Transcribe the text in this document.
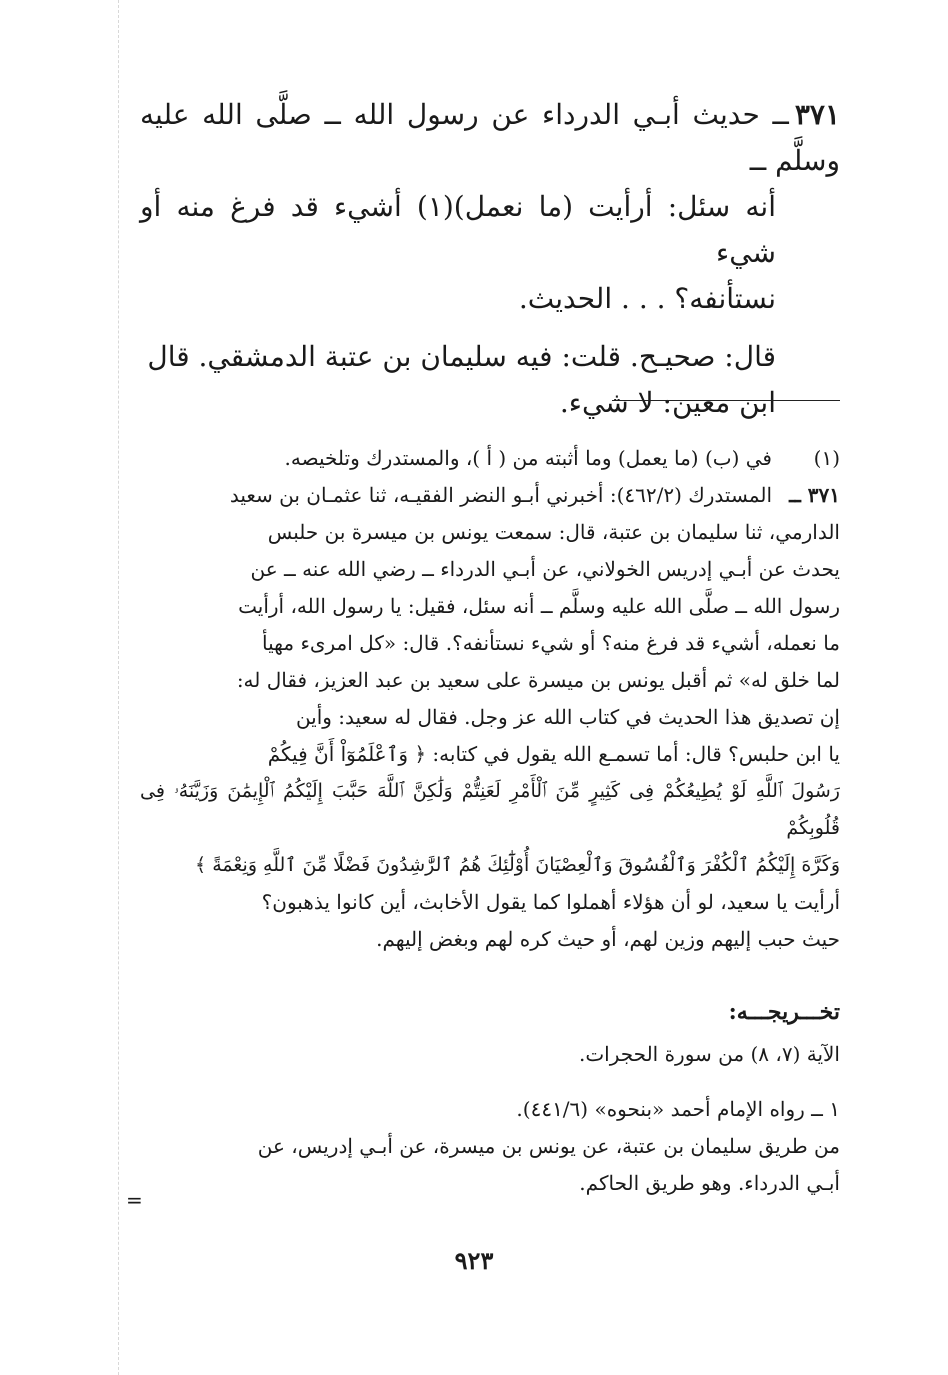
٣٧١ــ حديث أبـي الدرداء عن رسول الله ــ صلَّى الله عليه وسلَّم ــ
أنه سئل: أرأيت (ما نعمل)(١) أشيء قد فرغ منه أو شيء
نستأنفه؟ . . . الحديث.

قال: صحيـح. قلت: فيه سليمان بن عتبة الدمشقي. قال
ابن معين: لا شيء.

(١)
في (ب) (ما يعمل) وما أثبته من ( أ )، والمستدرك وتلخيصه.
٣٧١ ــ
المستدرك (٤٦٢/٢): أخبرني أبـو النضر الفقيـه، ثنا عثمـان بن سعيد
الدارمي، ثنا سليمان بن عتبة، قال: سمعت يونس بن ميسرة بن حلبس
يحدث عن أبـي إدريس الخولاني، عن أبـي الدرداء ــ رضي الله عنه ــ عن
رسول الله ــ صلَّى الله عليه وسلَّم ــ أنه سئل، فقيل: يا رسول الله، أرأيت
ما نعمله، أشيء قد فرغ منه؟ أو شيء نستأنفه؟. قال: «كل امرىء مهيأ
لما خلق له» ثم أقبل يونس بن ميسرة على سعيد بن عبد العزيز، فقال له:
إن تصديق هذا الحديث في كتاب الله عز وجل. فقال له سعيد: وأين
يا ابن حلبس؟ قال: أما تسمـع الله يقول في كتابه: ﴿ وَٱعْلَمُوٓاْ أَنَّ فِيكُمْ
رَسُولَ ٱللَّهِ لَوْ يُطِيعُكُمْ فِى كَثِيرٍ مِّنَ ٱلْأَمْرِ لَعَنِتُّمْ وَلَٰكِنَّ ٱللَّهَ حَبَّبَ إِلَيْكُمُ ٱلْإِيمَٰنَ وَزَيَّنَهُۥ فِى قُلُوبِكُمْ
وَكَرَّهَ إِلَيْكُمُ ٱلْكُفْرَ وَٱلْفُسُوقَ وَٱلْعِصْيَانَ أُوْلَٰٓئِكَ هُمُ ٱلرَّٰشِدُونَ فَضْلًا مِّنَ ٱللَّهِ وَنِعْمَةً ﴾
أرأيت يا سعيد، لو أن هؤلاء أهملوا كما يقول الأخابث، أين كانوا يذهبون؟
حيث حبب إليهم وزين لهم، أو حيث كره لهم وبغض إليهم.
تخـــريجـــه:

الآية (٧، ٨) من سورة الحجرات.

١ ــ رواه الإمام أحمد «بنحوه» (٤٤١/٦).

من طريق سليمان بن عتبة، عن يونس بن ميسرة، عن أبـي إدريس، عن

أبـي الدرداء. وهو طريق الحاكم.

=
٩٢٣
